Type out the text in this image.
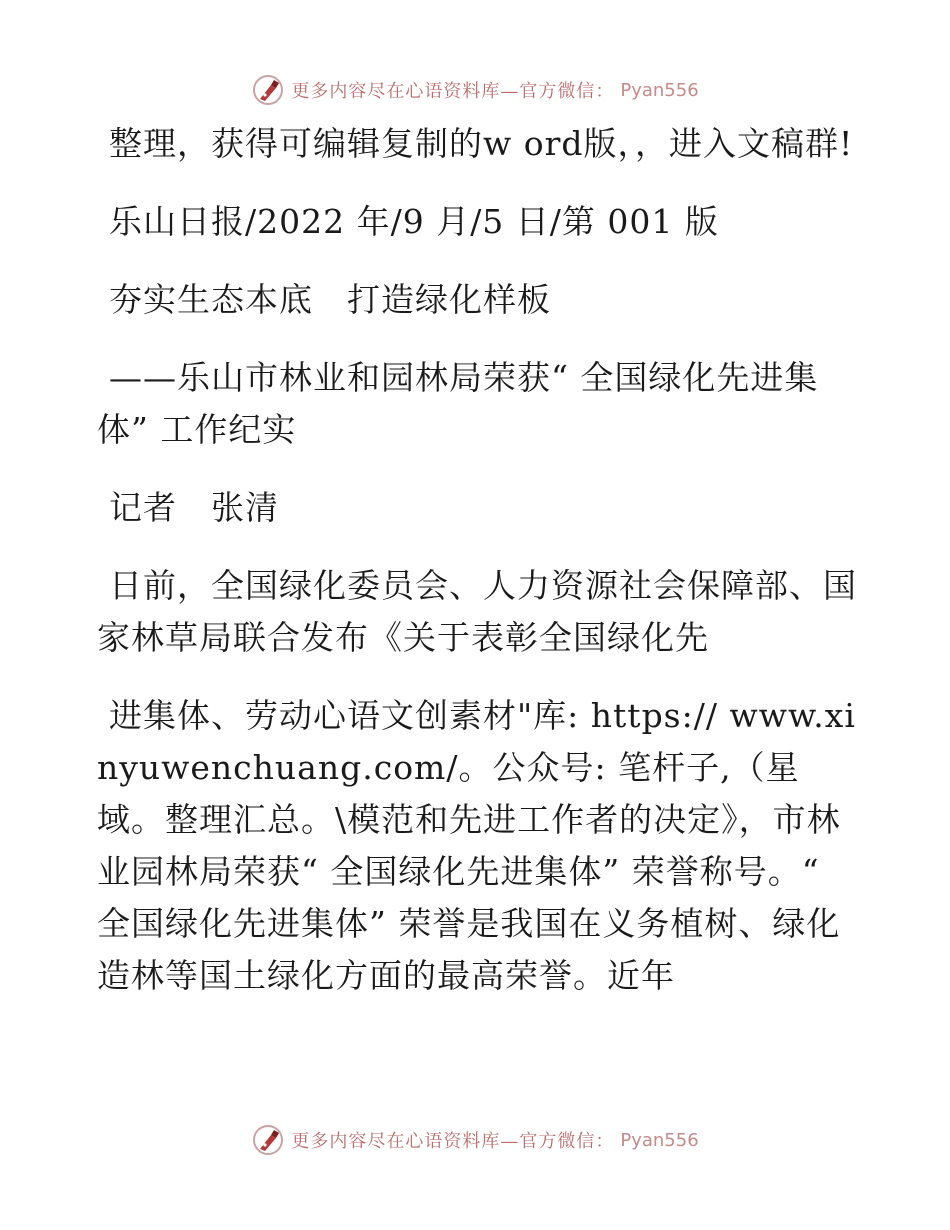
更多内容尽在心语资料库—官方微信： Pyan556

整理，获得可编辑复制的w ord版，，进入文稿群!

乐山日报/2022 年/9 月/5 日/第 001 版

夯实生态本底　打造绿化样板

——乐山市林业和园林局荣获“ 全国绿化先进集体” 工作纪实

记者　张清

日前，全国绿化委员会、人力资源社会保障部、国家林草局联合发布《关于表彰全国绿化先

进集体、劳动心语文创素材"库: https:// www.xinyuwenchuang.com/。公众号: 笔杆子,（星域。整理汇总。\模范和先进工作者的决定》，市林业园林局荣获“ 全国绿化先进集体” 荣誉称号。“ 全国绿化先进集体” 荣誉是我国在义务植树、绿化造林等国土绿化方面的最高荣誉。近年

更多内容尽在心语资料库—官方微信： Pyan556
